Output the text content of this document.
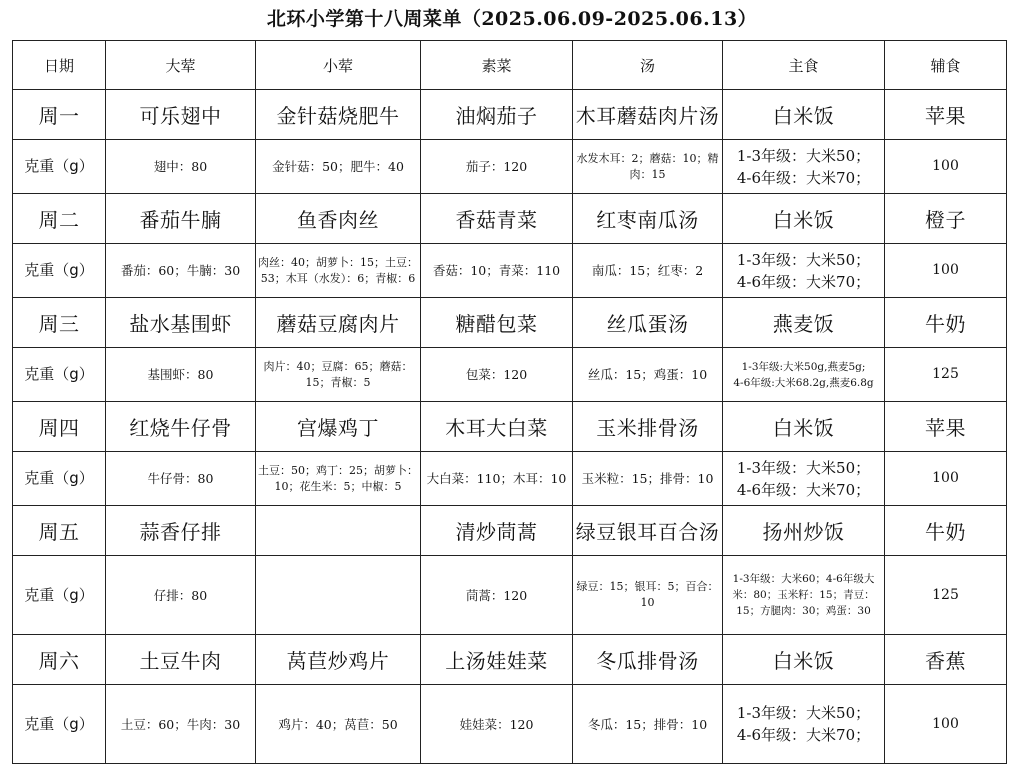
北环小学第十八周菜单（2025.06.09-2025.06.13）
日期	大荤	小荤	素菜	汤	主食	辅食
周一	可乐翅中	金针菇烧肥牛	油焖茄子	木耳蘑菇肉片汤	白米饭	苹果
克重（g）	翅中：80	金针菇：50；肥牛：40	茄子：120	水发木耳：2；蘑菇：10；精肉：15	1-3年级：大米50；
4-6年级：大米70；	100

周二	番茄牛腩	鱼香肉丝	香菇青菜	红枣南瓜汤	白米饭	橙子
克重（g）	番茄：60；牛腩：30	肉丝：40；胡萝卜：15；土豆：53；木耳（水发）：6；青椒：6	香菇：10；青菜：110	南瓜：15；红枣：2	1-3年级：大米50；
4-6年级：大米70；	100

周三	盐水基围虾	蘑菇豆腐肉片	糖醋包菜	丝瓜蛋汤	燕麦饭	牛奶
克重（g）	基围虾：80	肉片：40；豆腐：65；蘑菇：15；青椒：5	包菜：120	丝瓜：15；鸡蛋：10	1-3年级:大米50g,燕麦5g;
4-6年级:大米68.2g,燕麦6.8g	125

周四	红烧牛仔骨	宫爆鸡丁	木耳大白菜	玉米排骨汤	白米饭	苹果
克重（g）	牛仔骨：80	土豆：50；鸡丁：25；胡萝卜：10；花生米：5；中椒：5	大白菜：110；木耳：10	玉米粒：15；排骨：10	1-3年级：大米50；
4-6年级：大米70；	100

周五	蒜香仔排		清炒茼蒿	绿豆银耳百合汤	扬州炒饭	牛奶
克重（g）	仔排：80		茼蒿：120	绿豆：15；银耳：5；百合：10	1-3年级：大米60；4-6年级大米：80；玉米籽：15；青豆：15；方腿肉：30；鸡蛋：30	125

周六	土豆牛肉	莴苣炒鸡片	上汤娃娃菜	冬瓜排骨汤	白米饭	香蕉
克重（g）	土豆：60；牛肉：30	鸡片：40；莴苣：50	娃娃菜：120	冬瓜：15；排骨：10	1-3年级：大米50；
4-6年级：大米70；	100
